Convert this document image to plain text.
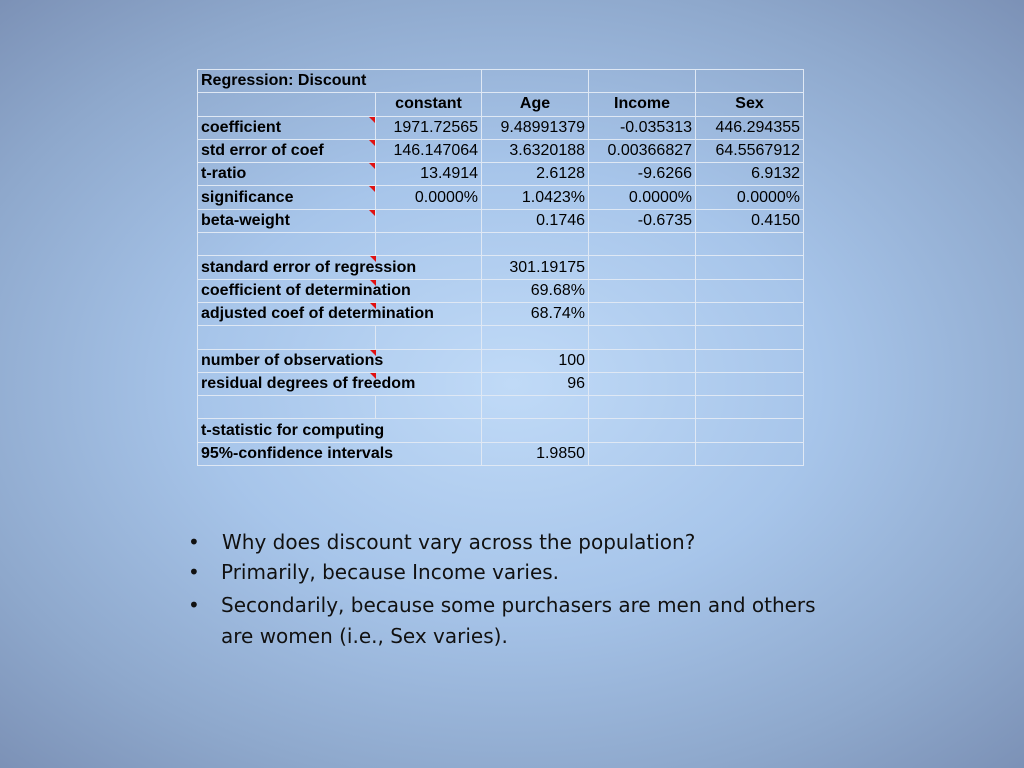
Regression: Discount				
	constant	Age	Income	Sex
coefficient	1971.72565	9.48991379	-0.035313	446.294355
std error of coef	146.147064	3.6320188	0.00366827	64.5567912
t-ratio	13.4914	2.6128	-9.6266	6.9132
significance	0.0000%	1.0423%	0.0000%	0.0000%
beta-weight		0.1746	-0.6735	0.4150

standard error of regression		301.19175		
coefficient of determination		69.68%		
adjusted coef of determination		68.74%		

number of observations		100		
residual degrees of freedom		96		

t-statistic for computing				
95%-confidence intervals		1.9850		
• Why does discount vary across the population?
• Primarily, because Income varies.
• Secondarily, because some purchasers are men and others are women (i.e., Sex varies).
